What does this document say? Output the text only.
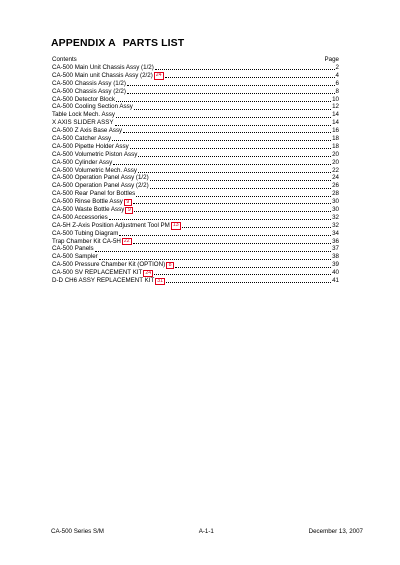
APPENDIX A PARTS LIST
Contents	Page
CA-500 Main Unit Chassis Assy (1/2)	2
CA-500 Main unit Chassis Assy (2/2) 24	4
CA-500 Chassis Assy (1/2)	6
CA-500 Chassis Assy (2/2)	8
CA-500 Detector Block	10
CA-500 Cooling Section Assy	12
Table Lock Mech. Assy	14
X AXIS SLIDER ASSY	14
CA-500 Z Axis Base Assy	16
CA-500 Catcher Assy	18
CA-500 Pipette Holder Assy	18
CA-500 Volumetric Piston Assy	20
CA-500 Cylinder Assy	20
CA-500 Volumetric Mech. Assy	22
CA-500 Operation Panel Assy (1/2)	24
CA-500 Operation Panel Assy (2/2)	26
CA-500 Rear Panel for Bottles	28
CA-500 Rinse Bottle Assy 9	30
CA-500 Waste Bottle Assy 9	30
CA-500 Accessories	32
CA-5H Z-Axis Position Adjustment Tool PM 13	32
CA-500 Tubing Diagram	34
Trap Chamber Kit CA-5H 22	36
CA-500 Panels	37
CA-500 Sampler	38
CA-500 Pressure Chamber Kit (OPTION) 8	39
CA-500 SV REPLACEMENT KIT 24	40
D-D CH6 ASSY REPLACEMENT KIT 31	41
CA-500 Series S/M	A-1-1	December 13, 2007
